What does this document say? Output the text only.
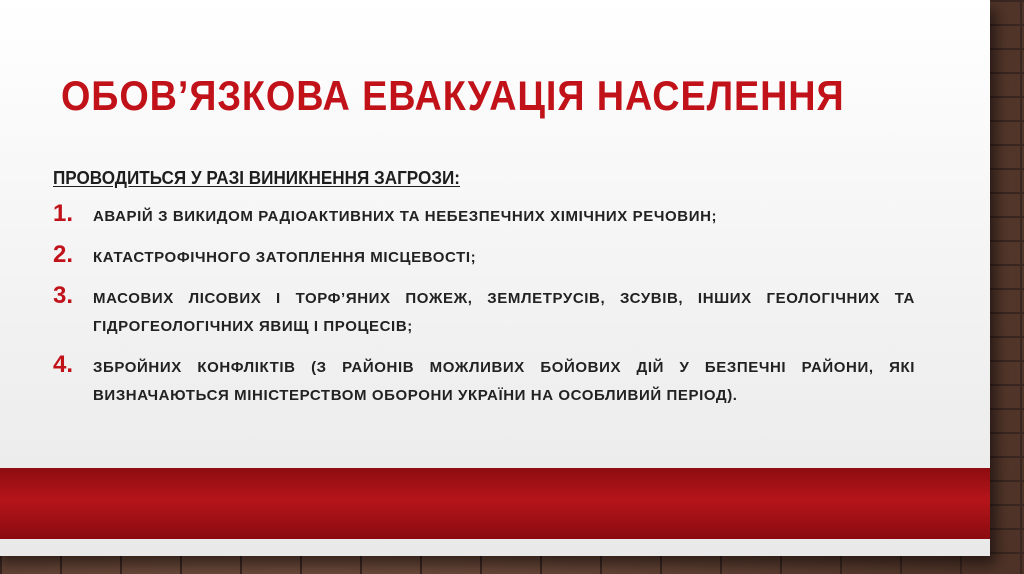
ОБОВ’ЯЗКОВА ЕВАКУАЦІЯ НАСЕЛЕННЯ
ПРОВОДИТЬСЯ У РАЗІ ВИНИКНЕННЯ ЗАГРОЗИ:
1. АВАРІЙ З ВИКИДОМ РАДІОАКТИВНИХ ТА НЕБЕЗПЕЧНИХ ХІМІЧНИХ РЕЧОВИН;
2. КАТАСТРОФІЧНОГО ЗАТОПЛЕННЯ МІСЦЕВОСТІ;
3. МАСОВИХ ЛІСОВИХ І ТОРФ’ЯНИХ ПОЖЕЖ, ЗЕМЛЕТРУСІВ, ЗСУВІВ, ІНШИХ ГЕОЛОГІЧНИХ ТА ГІДРОГЕОЛОГІЧНИХ ЯВИЩ І ПРОЦЕСІВ;
4. ЗБРОЙНИХ КОНФЛІКТІВ (З РАЙОНІВ МОЖЛИВИХ БОЙОВИХ ДІЙ У БЕЗПЕЧНІ РАЙОНИ, ЯКІ ВИЗНАЧАЮТЬСЯ МІНІСТЕРСТВОМ ОБОРОНИ УКРАЇНИ НА ОСОБЛИВИЙ ПЕРІОД).
